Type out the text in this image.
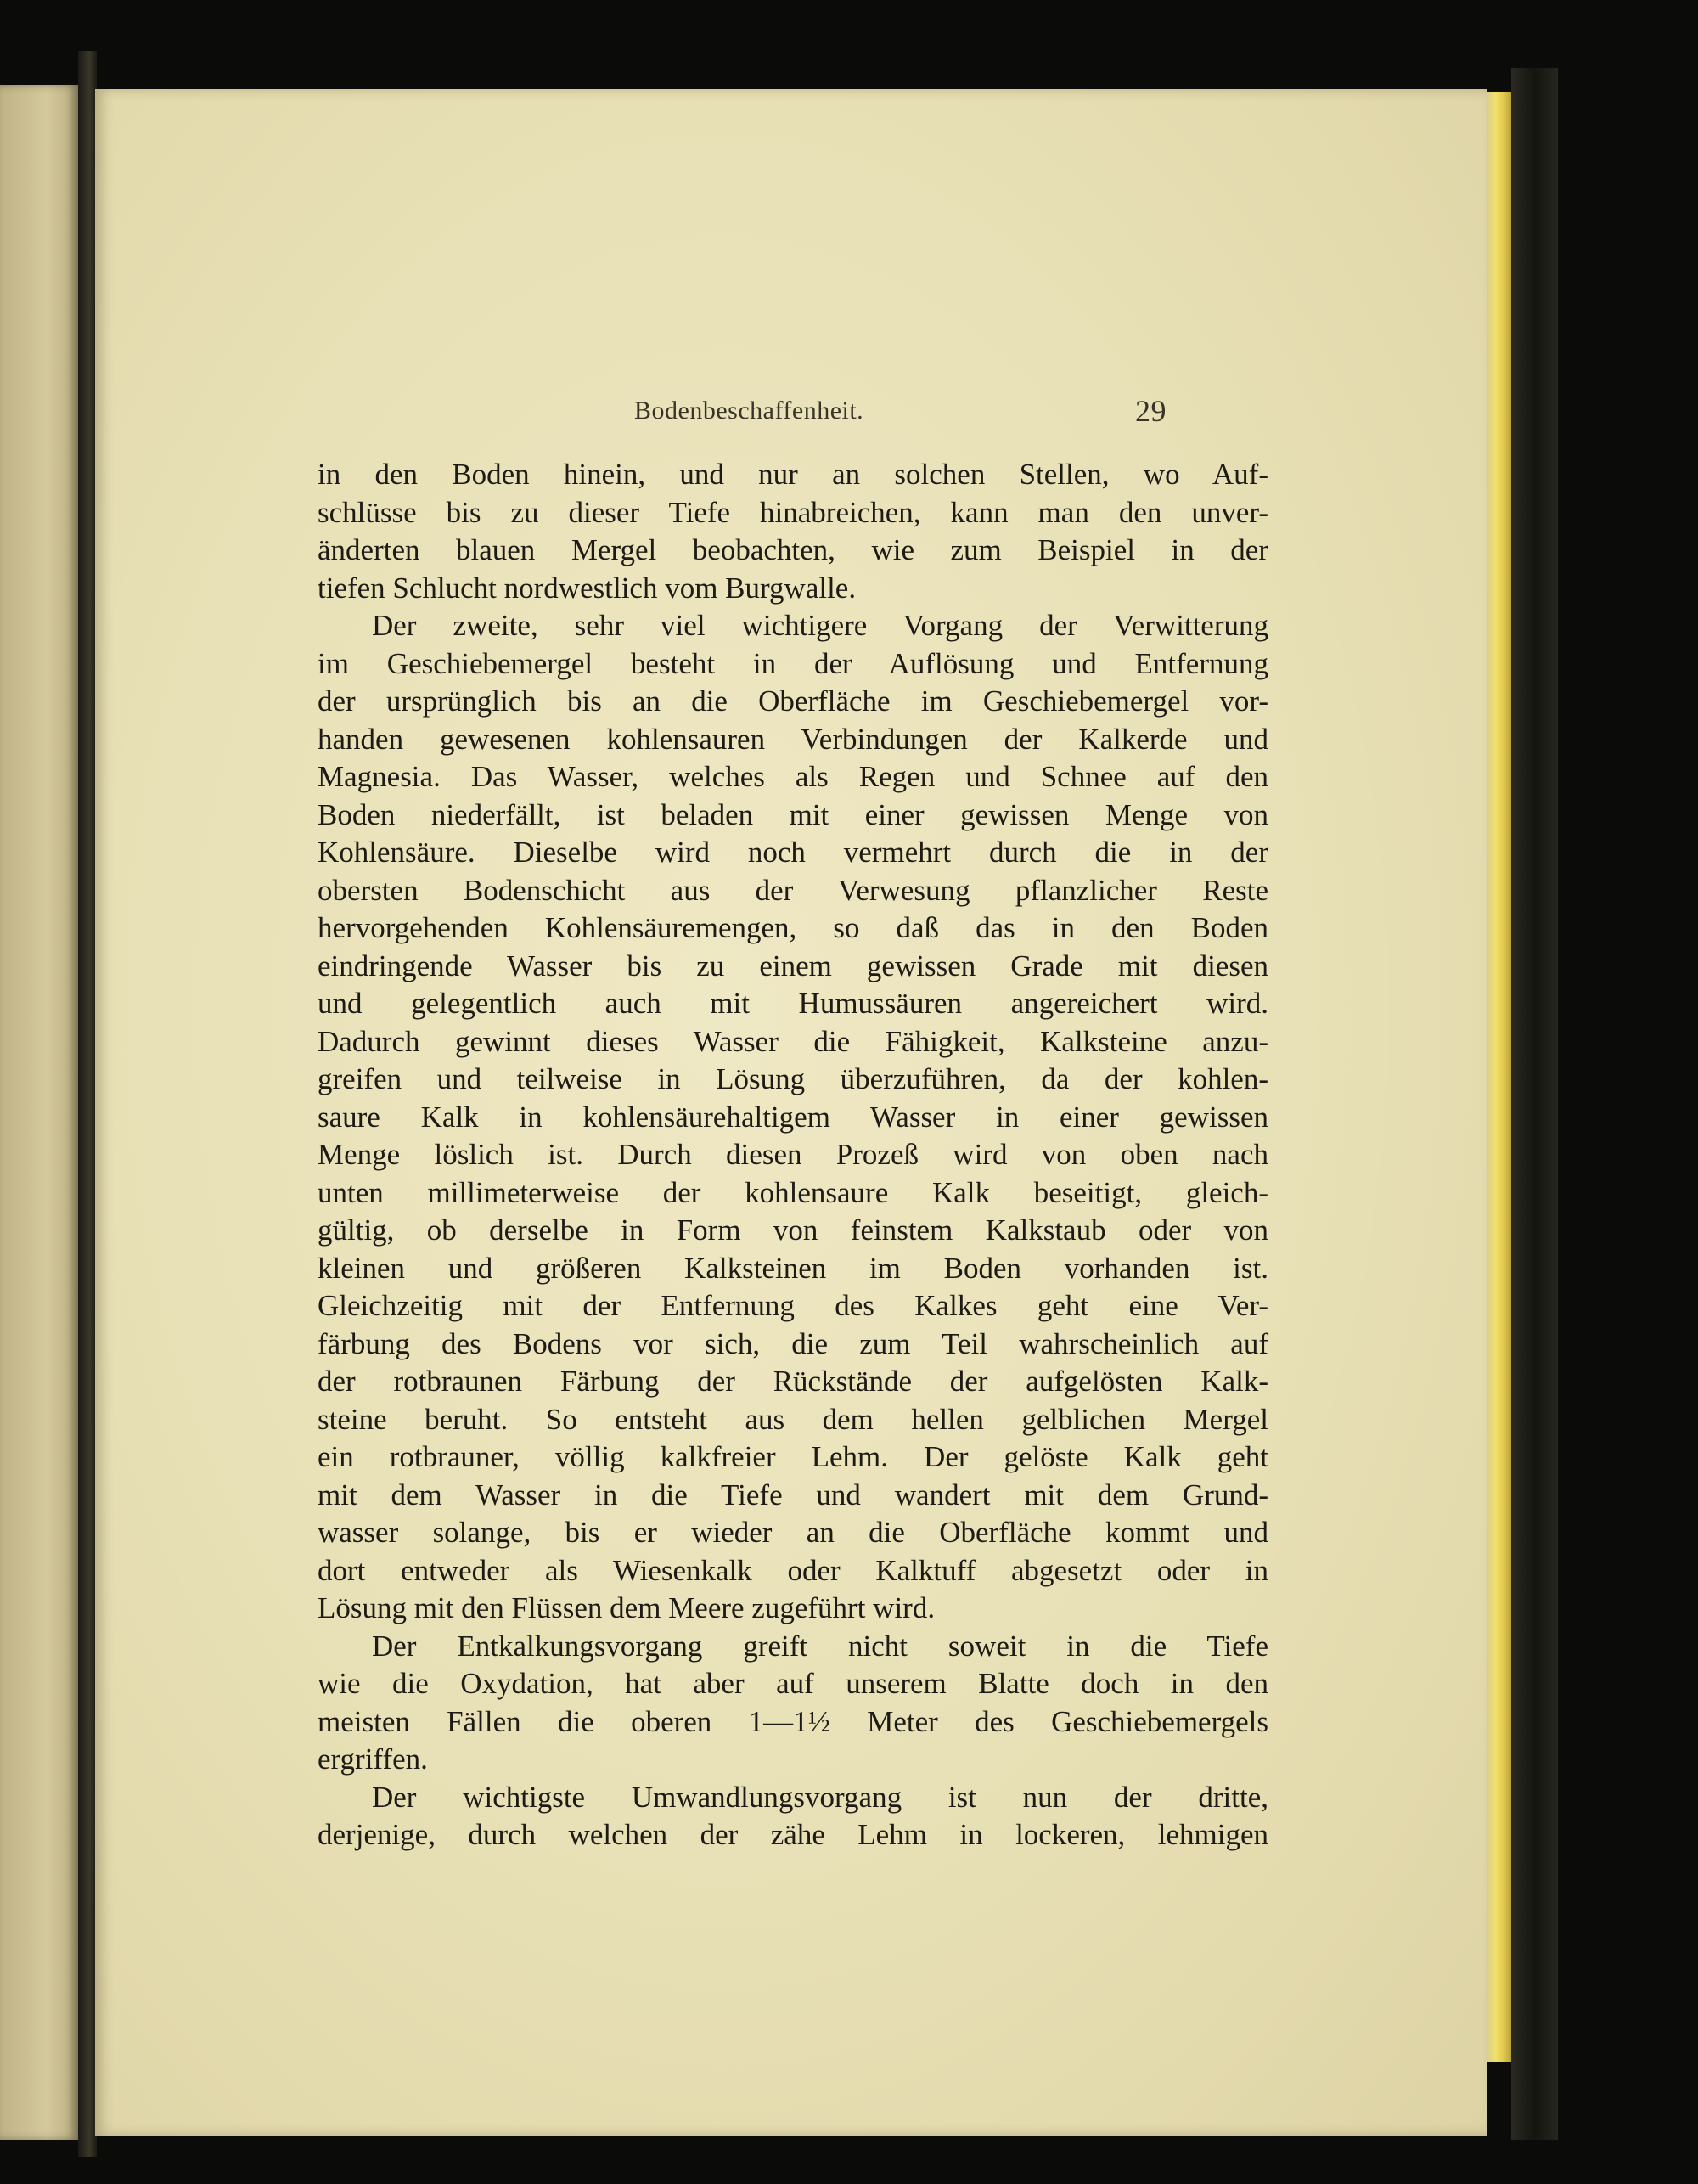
Bodenbeschaffenheit.	29
in den Boden hinein, und nur an solchen Stellen, wo Auf-
schlüsse bis zu dieser Tiefe hinabreichen, kann man den unver-
änderten blauen Mergel beobachten, wie zum Beispiel in der
tiefen Schlucht nordwestlich vom Burgwalle.
Der zweite, sehr viel wichtigere Vorgang der Verwitterung
im Geschiebemergel besteht in der Auflösung und Entfernung
der ursprünglich bis an die Oberfläche im Geschiebemergel vor-
handen gewesenen kohlensauren Verbindungen der Kalkerde und
Magnesia. Das Wasser, welches als Regen und Schnee auf den
Boden niederfällt, ist beladen mit einer gewissen Menge von
Kohlensäure. Dieselbe wird noch vermehrt durch die in der
obersten Bodenschicht aus der Verwesung pflanzlicher Reste
hervorgehenden Kohlensäuremengen, so daß das in den Boden
eindringende Wasser bis zu einem gewissen Grade mit diesen
und gelegentlich auch mit Humussäuren angereichert wird.
Dadurch gewinnt dieses Wasser die Fähigkeit, Kalksteine anzu-
greifen und teilweise in Lösung überzuführen, da der kohlen-
saure Kalk in kohlensäurehaltigem Wasser in einer gewissen
Menge löslich ist. Durch diesen Prozeß wird von oben nach
unten millimeterweise der kohlensaure Kalk beseitigt, gleich-
gültig, ob derselbe in Form von feinstem Kalkstaub oder von
kleinen und größeren Kalksteinen im Boden vorhanden ist.
Gleichzeitig mit der Entfernung des Kalkes geht eine Ver-
färbung des Bodens vor sich, die zum Teil wahrscheinlich auf
der rotbraunen Färbung der Rückstände der aufgelösten Kalk-
steine beruht. So entsteht aus dem hellen gelblichen Mergel
ein rotbrauner, völlig kalkfreier Lehm. Der gelöste Kalk geht
mit dem Wasser in die Tiefe und wandert mit dem Grund-
wasser solange, bis er wieder an die Oberfläche kommt und
dort entweder als Wiesenkalk oder Kalktuff abgesetzt oder in
Lösung mit den Flüssen dem Meere zugeführt wird.
Der Entkalkungsvorgang greift nicht soweit in die Tiefe
wie die Oxydation, hat aber auf unserem Blatte doch in den
meisten Fällen die oberen 1—1½ Meter des Geschiebemergels
ergriffen.
Der wichtigste Umwandlungsvorgang ist nun der dritte,
derjenige, durch welchen der zähe Lehm in lockeren, lehmigen
